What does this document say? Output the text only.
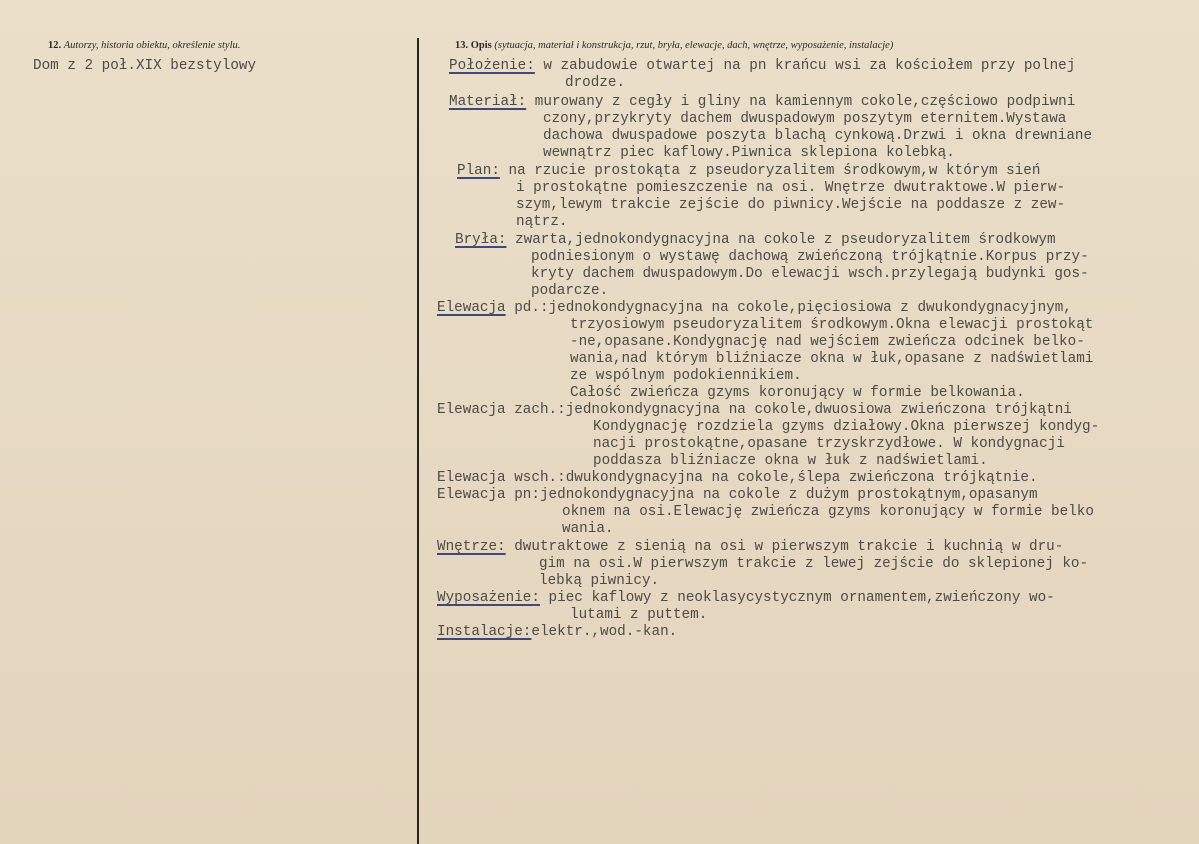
12. Autorzy, historia obiektu, określenie stylu.
Dom z 2 poł.XIX bezstylowy
13. Opis (sytuacja, materiał i konstrukcja, rzut, bryła, elewacje, dach, wnętrze, wyposażenie, instalacje)
Położenie: w zabudowie otwartej na pn krańcu wsi za kościołem przy polnej
drodze.
Materiał: murowany z cegły i gliny na kamiennym cokole,częściowo podpiwni
czony,przykryty dachem dwuspadowym poszytym eternitem.Wystawa
dachowa dwuspadowe poszyta blachą cynkową.Drzwi i okna drewniane
wewnątrz piec kaflowy.Piwnica sklepiona kolebką.
Plan: na rzucie prostokąta z pseudoryzalitem środkowym,w którym sień
i prostokątne pomieszczenie na osi. Wnętrze dwutraktowe.W pierw-
szym,lewym trakcie zejście do piwnicy.Wejście na poddasze z zew-
nątrz.
Bryła: zwarta,jednokondygnacyjna na cokole z pseudoryzalitem środkowym
podniesionym o wystawę dachową zwieńczoną trójkątnie.Korpus przy-
kryty dachem dwuspadowym.Do elewacji wsch.przylegają budynki gos-
podarcze.
Elewacja pd.:jednokondygnacyjna na cokole,pięciosiowa z dwukondygnacyjnym,
trzyosiowym pseudoryzalitem środkowym.Okna elewacji prostokąt
-ne,opasane.Kondygnację nad wejściem zwieńcza odcinek belko-
wania,nad którym bliźniacze okna w łuk,opasane z nadświetlami
ze wspólnym podokiennikiem.
Całość zwieńcza gzyms koronujący w formie belkowania.
Elewacja zach.:jednokondygnacyjna na cokole,dwuosiowa zwieńczona trójkątni
Kondygnację rozdziela gzyms działowy.Okna pierwszej kondyg-
nacji prostokątne,opasane trzyskrzydłowe. W kondygnacji
poddasza bliźniacze okna w łuk z nadświetlami.
Elewacja wsch.:dwukondygnacyjna na cokole,ślepa zwieńczona trójkątnie.
Elewacja pn:jednokondygnacyjna na cokole z dużym prostokątnym,opasanym
oknem na osi.Elewację zwieńcza gzyms koronujący w formie belko
wania.
Wnętrze: dwutraktowe z sienią na osi w pierwszym trakcie i kuchnią w dru-
gim na osi.W pierwszym trakcie z lewej zejście do sklepionej ko-
lebką piwnicy.
Wyposażenie: piec kaflowy z neoklasycystycznym ornamentem,zwieńczony wo-
lutami z puttem.
Instalacje:elektr.,wod.-kan.
